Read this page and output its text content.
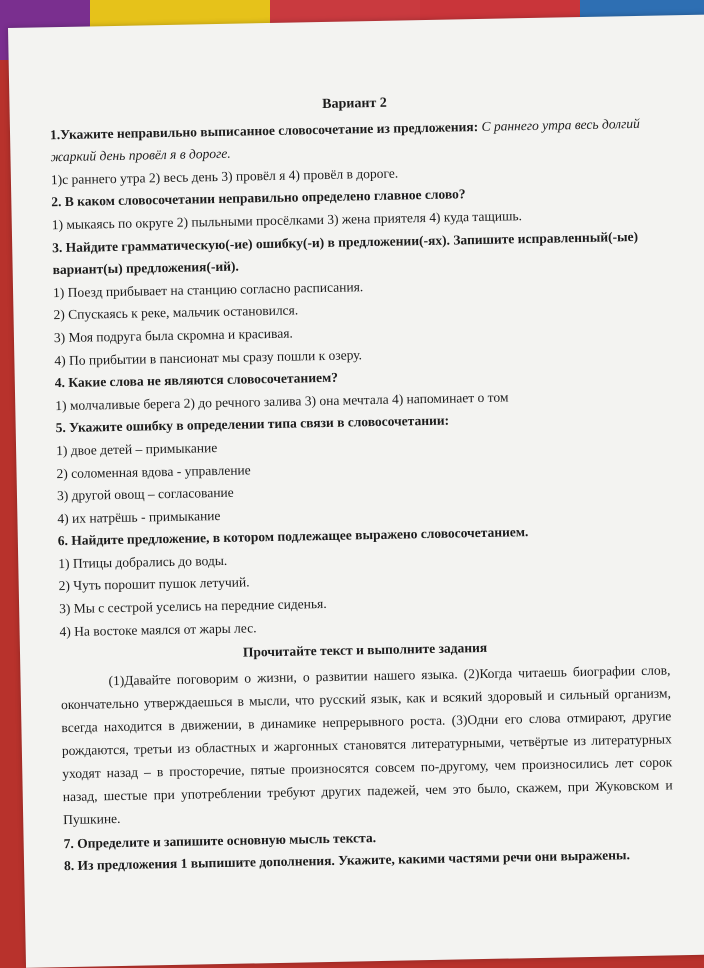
Вариант 2
1.Укажите неправильно выписанное словосочетание из предложения: С раннего утра весь долгий жаркий день провёл я в дороге.
1)с раннего утра 2) весь день 3) провёл я 4) провёл в дороге.
2. В каком словосочетании неправильно определено главное слово?
1) мыкаясь по округе 2) пыльными просёлками 3) жена приятеля 4) куда тащишь.
3. Найдите грамматическую(-ие) ошибку(-и) в предложении(-ях). Запишите исправленный(-ые) вариант(ы) предложения(-ий).
1) Поезд прибывает на станцию согласно расписания.
2) Спускаясь к реке, мальчик остановился.
3) Моя подруга была скромна и красивая.
4) По прибытии в пансионат мы сразу пошли к озеру.
4. Какие слова не являются словосочетанием?
1) молчаливые берега 2) до речного залива 3) она мечтала 4) напоминает о том
5. Укажите ошибку в определении типа связи в словосочетании:
1) двое детей – примыкание
2) соломенная вдова - управление
3) другой овощ – согласование
4) их натрёшь - примыкание
6. Найдите предложение, в котором подлежащее выражено словосочетанием.
1) Птицы добрались до воды.
2) Чуть порошит пушок летучий.
3) Мы с сестрой уселись на передние сиденья.
4) На востоке маялся от жары лес.
Прочитайте текст и выполните задания
(1)Давайте поговорим о жизни, о развитии нашего языка. (2)Когда читаешь биографии слов, окончательно утверждаешься в мысли, что русский язык, как и всякий здоровый и сильный организм, всегда находится в движении, в динамике непрерывного роста. (3)Одни его слова отмирают, другие рождаются, третьи из областных и жаргонных становятся литературными, четвёртые из литературных уходят назад – в просторечие, пятые произносятся совсем по-другому, чем произносились лет сорок назад, шестые при употреблении требуют других падежей, чем это было, скажем, при Жуковском и Пушкине.
7. Определите и запишите основную мысль текста.
8. Из предложения 1 выпишите дополнения. Укажите, какими частями речи они выражены.
